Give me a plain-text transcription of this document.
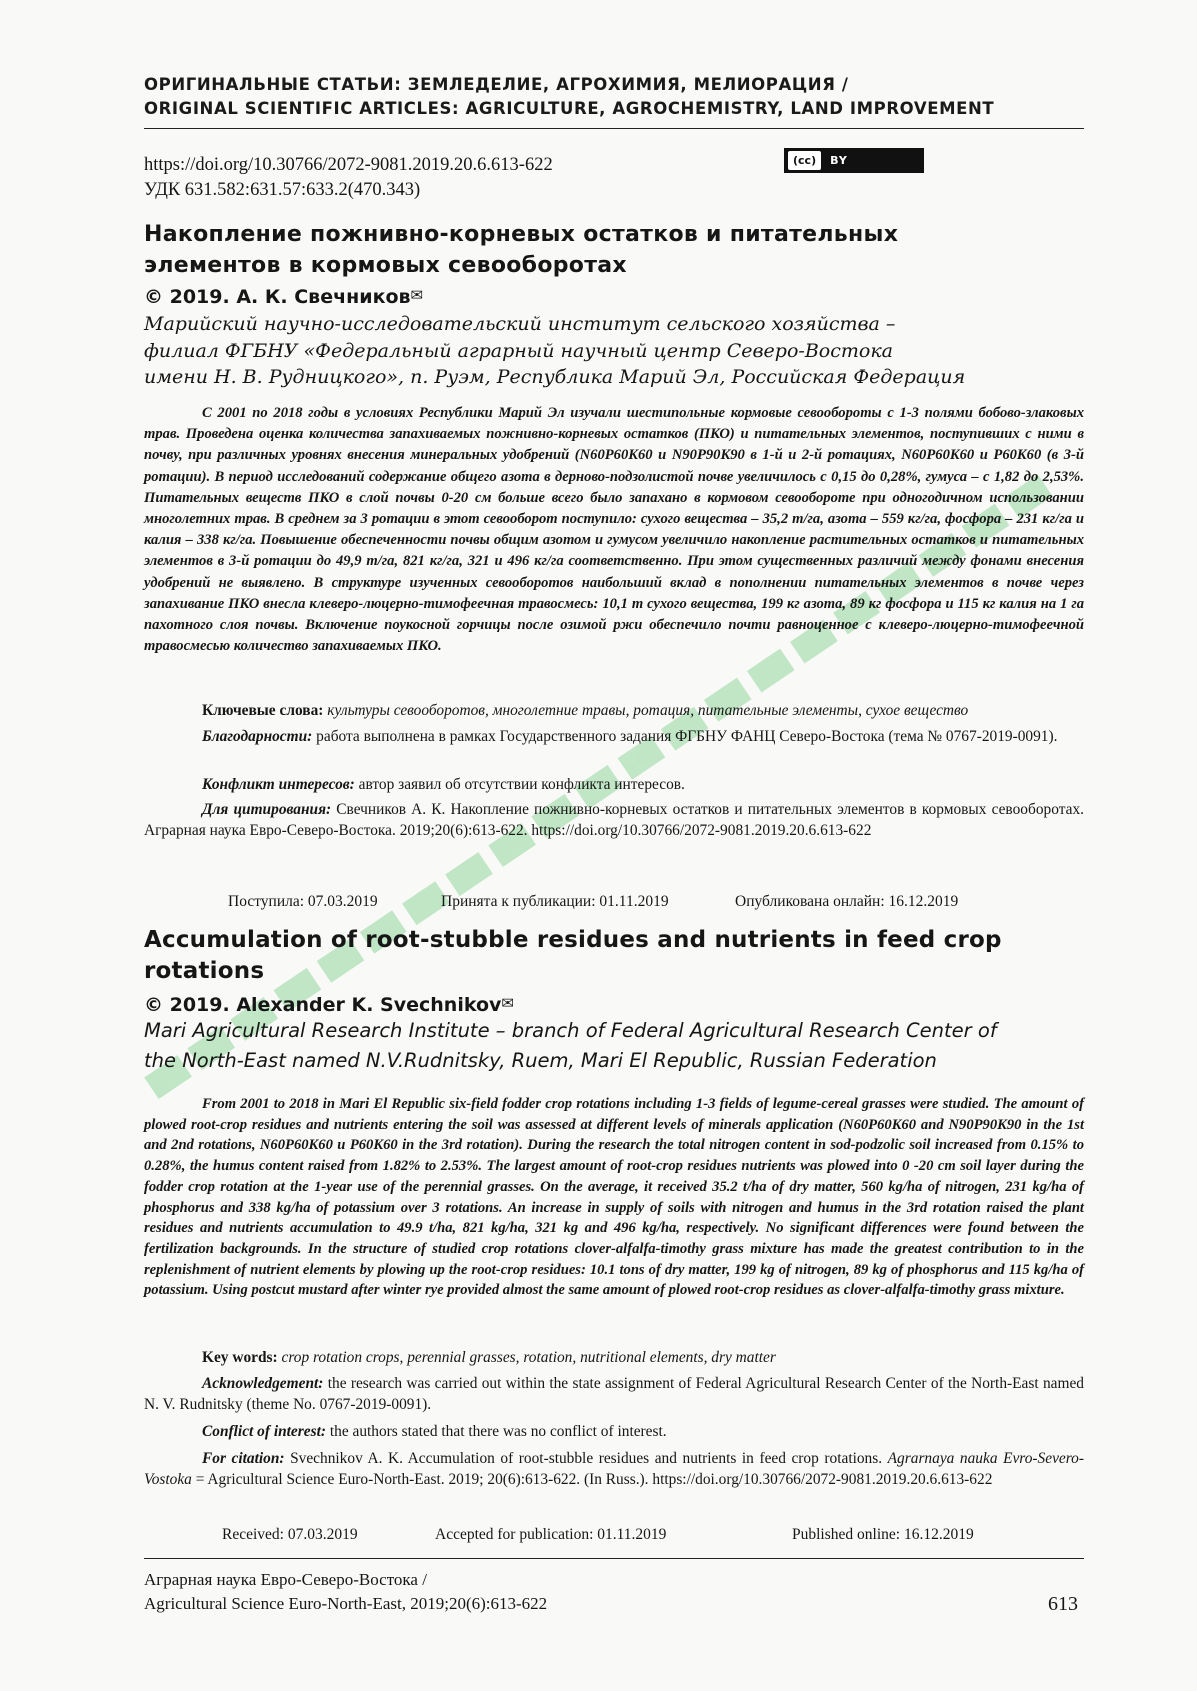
ОРИГИНАЛЬНЫЕ СТАТЬИ: ЗЕМЛЕДЕЛИЕ, АГРОХИМИЯ, МЕЛИОРАЦИЯ /
ORIGINAL SCIENTIFIC ARTICLES: AGRICULTURE, AGROCHEMISTRY, LAND IMPROVEMENT
https://doi.org/10.30766/2072-9081.2019.20.6.613-622
УДК 631.582:631.57:633.2(470.343)
(cc)	BY
Накопление пожнивно-корневых остатков и питательных
элементов в кормовых севооборотах
© 2019. А. К. Свечников✉
Марийский научно-исследовательский институт сельского хозяйства –
филиал ФГБНУ «Федеральный аграрный научный центр Северо-Востока
имени Н. В. Рудницкого», п. Руэм, Республика Марий Эл, Российская Федерация
С 2001 по 2018 годы в условиях Республики Марий Эл изучали шестипольные кормовые севообороты с 1-3 полями бобово-злаковых трав. Проведена оценка количества запахиваемых пожнивно-корневых остатков (ПКО) и питательных элементов, поступивших с ними в почву, при различных уровнях внесения минеральных удобрений (N60P60K60 и N90P90K90 в 1-й и 2-й ротациях, N60P60K60 и P60K60 (в 3-й ротации). В период исследований содержание общего азота в дерново-подзолистой почве увеличилось с 0,15 до 0,28%, гумуса – с 1,82 до 2,53%. Питательных веществ ПКО в слой почвы 0-20 см больше всего было запахано в кормовом севообороте при одногодичном использовании многолетних трав. В среднем за 3 ротации в этот севооборот поступило: сухого вещества – 35,2 т/га, азота – 559 кг/га, фосфора – 231 кг/га и калия – 338 кг/га. Повышение обеспеченности почвы общим азотом и гумусом увеличило накопление растительных остатков и питательных элементов в 3-й ротации до 49,9 т/га, 821 кг/га, 321 и 496 кг/га соответственно. При этом существенных различий между фонами внесения удобрений не выявлено. В структуре изученных севооборотов наибольший вклад в пополнении питательных элементов в почве через запахивание ПКО внесла клеверо-люцерно-тимофеечная травосмесь: 10,1 т сухого вещества, 199 кг азота, 89 кг фосфора и 115 кг калия на 1 га пахотного слоя почвы. Включение поукосной горчицы после озимой ржи обеспечило почти равноценное с клеверо-люцерно-тимофеечной травосмесью количество запахиваемых ПКО.
Ключевые слова: культуры севооборотов, многолетние травы, ротация, питательные элементы, сухое вещество
Благодарности: работа выполнена в рамках Государственного задания ФГБНУ ФАНЦ Северо-Востока (тема № 0767-2019-0091).
Конфликт интересов: автор заявил об отсутствии конфликта интересов.
Для цитирования: Свечников А. К. Накопление пожнивно-корневых остатков и питательных элементов в кормовых севооборотах. Аграрная наука Евро-Северо-Востока. 2019;20(6):613-622. https://doi.org/10.30766/2072-9081.2019.20.6.613-622
Поступила: 07.03.2019	Принята к публикации: 01.11.2019	Опубликована онлайн: 16.12.2019
Accumulation of root-stubble residues and nutrients in feed crop
rotations
© 2019. Alexander K. Svechnikov✉
Mari Agricultural Research Institute – branch of Federal Agricultural Research Center of
the North-East named N.V.Rudnitsky, Ruem, Mari El Republic, Russian Federation
From 2001 to 2018 in Mari El Republic six-field fodder crop rotations including 1-3 fields of legume-cereal grasses were studied. The amount of plowed root-crop residues and nutrients entering the soil was assessed at different levels of minerals application (N60P60K60 and N90P90K90 in the 1st and 2nd rotations, N60P60K60 и P60K60 in the 3rd rotation). During the research the total nitrogen content in sod-podzolic soil increased from 0.15% to 0.28%, the humus content raised from 1.82% to 2.53%. The largest amount of root-crop residues nutrients was plowed into 0 -20 cm soil layer during the fodder crop rotation at the 1-year use of the perennial grasses. On the average, it received 35.2 t/ha of dry matter, 560 kg/ha of nitrogen, 231 kg/ha of phosphorus and 338 kg/ha of potassium over 3 rotations. An increase in supply of soils with nitrogen and humus in the 3rd rotation raised the plant residues and nutrients accumulation to 49.9 t/ha, 821 kg/ha, 321 kg and 496 kg/ha, respectively. No significant differences were found between the fertilization backgrounds. In the structure of studied crop rotations clover-alfalfa-timothy grass mixture has made the greatest contribution to in the replenishment of nutrient elements by plowing up the root-crop residues: 10.1 tons of dry matter, 199 kg of nitrogen, 89 kg of phosphorus and 115 kg/ha of potassium. Using postcut mustard after winter rye provided almost the same amount of plowed root-crop residues as clover-alfalfa-timothy grass mixture.
Key words: crop rotation crops, perennial grasses, rotation, nutritional elements, dry matter
Acknowledgement: the research was carried out within the state assignment of Federal Agricultural Research Center of the North-East named N. V. Rudnitsky (theme No. 0767-2019-0091).
Conflict of interest: the authors stated that there was no conflict of interest.
For citation: Svechnikov A. K. Accumulation of root-stubble residues and nutrients in feed crop rotations. Agrarnaya nauka Evro-Severo-Vostoka = Agricultural Science Euro-North-East. 2019; 20(6):613-622. (In Russ.). https://doi.org/10.30766/2072-9081.2019.20.6.613-622
Received: 07.03.2019	Accepted for publication: 01.11.2019	Published online: 16.12.2019
Аграрная наука Евро-Северо-Востока /
Agricultural Science Euro-North-East, 2019;20(6):613-622	613
